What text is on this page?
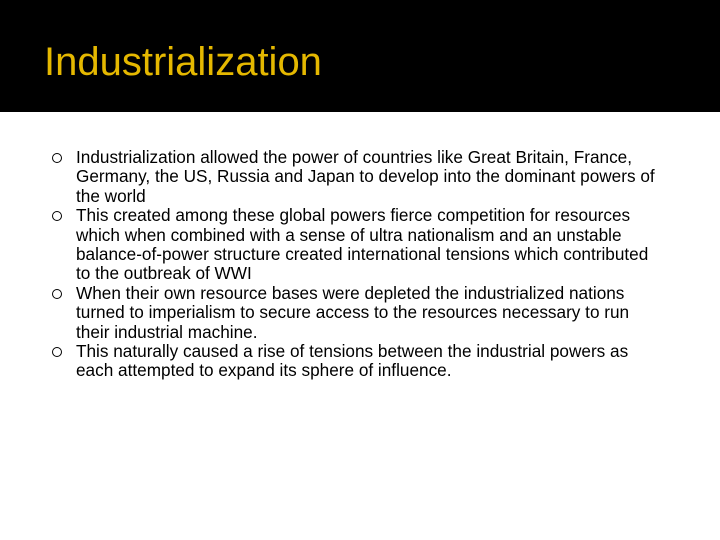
Industrialization
Industrialization allowed the power of countries like Great Britain, France, Germany, the US, Russia and Japan to develop into the dominant powers of the world
This created among these global powers fierce competition for resources which when combined with a sense of ultra nationalism and an unstable balance-of-power structure created international tensions which contributed to the outbreak of WWI
When their own resource bases were depleted the industrialized nations turned to imperialism to secure access to the resources necessary to run their industrial machine.
This naturally caused a rise of tensions between the industrial powers as each attempted to expand its sphere of influence.
